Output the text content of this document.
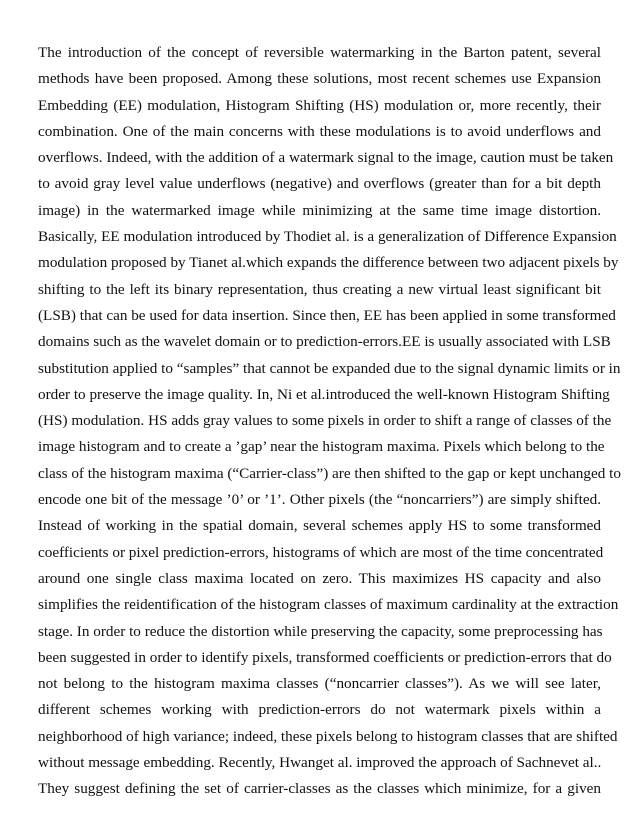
The introduction of the concept of reversible watermarking in the Barton patent, several
methods have been proposed. Among these solutions, most recent schemes use Expansion
Embedding (EE) modulation, Histogram Shifting (HS) modulation or, more recently, their
combination. One of the main concerns with these modulations is to avoid underflows and
overflows. Indeed, with the addition of a watermark signal to the image, caution must be taken
to avoid gray level value underflows (negative) and overflows (greater than for a bit depth
image) in the watermarked image while minimizing at the same time image distortion.
Basically, EE modulation introduced by Thodiet al. is a generalization of Difference Expansion
modulation proposed by Tianet al.which expands the difference between two adjacent pixels by
shifting to the left its binary representation, thus creating a new virtual least significant bit
(LSB) that can be used for data insertion. Since then, EE has been applied in some transformed
domains such as the wavelet domain or to prediction-errors.EE is usually associated with LSB
substitution applied to “samples” that cannot be expanded due to the signal dynamic limits or in
order to preserve the image quality. In, Ni et al.introduced the well-known Histogram Shifting
(HS) modulation. HS adds gray values to some pixels in order to shift a range of classes of the
image histogram and to create a ’gap’ near the histogram maxima. Pixels which belong to the
class of the histogram maxima (“Carrier-class”) are then shifted to the gap or kept unchanged to
encode one bit of the message ’0’ or ’1’. Other pixels (the “noncarriers”) are simply shifted.
Instead of working in the spatial domain, several schemes apply HS to some transformed
coefficients or pixel prediction-errors, histograms of which are most of the time concentrated
around one single class maxima located on zero. This maximizes HS capacity and also
simplifies the reidentification of the histogram classes of maximum cardinality at the extraction
stage. In order to reduce the distortion while preserving the capacity, some preprocessing has
been suggested in order to identify pixels, transformed coefficients or prediction-errors that do
not belong to the histogram maxima classes (“noncarrier classes”). As we will see later,
different schemes working with prediction-errors do not watermark pixels within a
neighborhood of high variance; indeed, these pixels belong to histogram classes that are shifted
without message embedding. Recently, Hwanget al. improved the approach of Sachnevet al..
They suggest defining the set of carrier-classes as the classes which minimize, for a given
